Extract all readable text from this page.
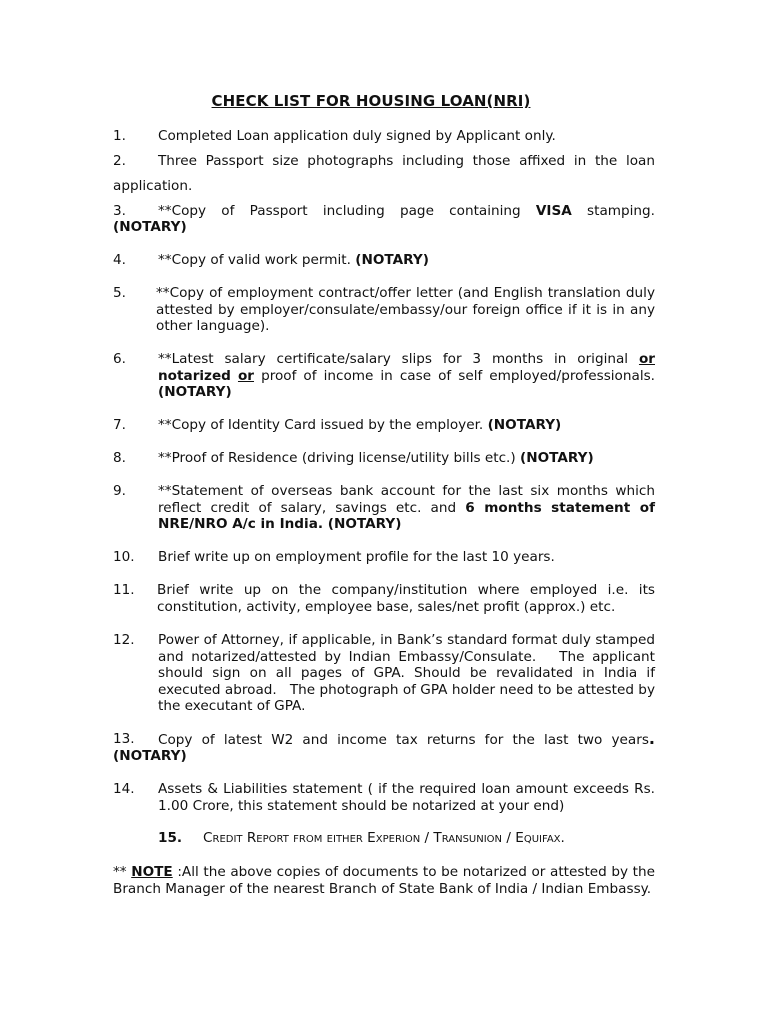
CHECK LIST FOR HOUSING LOAN(NRI)
1. Completed Loan application duly signed by Applicant only.
2. Three Passport size photographs including those affixed in the loan
application.
3. **Copy of Passport including page containing VISA stamping.
(NOTARY)
4. **Copy of valid work permit. (NOTARY)
5. **Copy of employment contract/offer letter (and English translation duly attested by employer/consulate/embassy/our foreign office if it is in any other language).
6. **Latest salary certificate/salary slips for 3 months in original or notarized or proof of income in case of self employed/professionals. (NOTARY)
7. **Copy of Identity Card issued by the employer. (NOTARY)
8. **Proof of Residence (driving license/utility bills etc.) (NOTARY)
9. **Statement of overseas bank account for the last six months which reflect credit of salary, savings etc. and 6 months statement of NRE/NRO A/c in India. (NOTARY)
10. Brief write up on employment profile for the last 10 years.
11. Brief write up on the company/institution where employed i.e. its constitution, activity, employee base, sales/net profit (approx.) etc.
12. Power of Attorney, if applicable, in Bank’s standard format duly stamped and notarized/attested by Indian Embassy/Consulate.   The applicant should sign on all pages of GPA. Should be revalidated in India if executed abroad.   The photograph of GPA holder need to be attested by the executant of GPA.
13. Copy of latest W2 and income tax returns for the last two years.
(NOTARY)
14. Assets & Liabilities statement ( if the required loan amount exceeds Rs. 1.00 Crore, this statement should be notarized at your end)
15. Credit Report from either Experion / Transunion / Equifax.
** NOTE :All the above copies of documents to be notarized or attested by the Branch Manager of the nearest Branch of State Bank of India / Indian Embassy.
